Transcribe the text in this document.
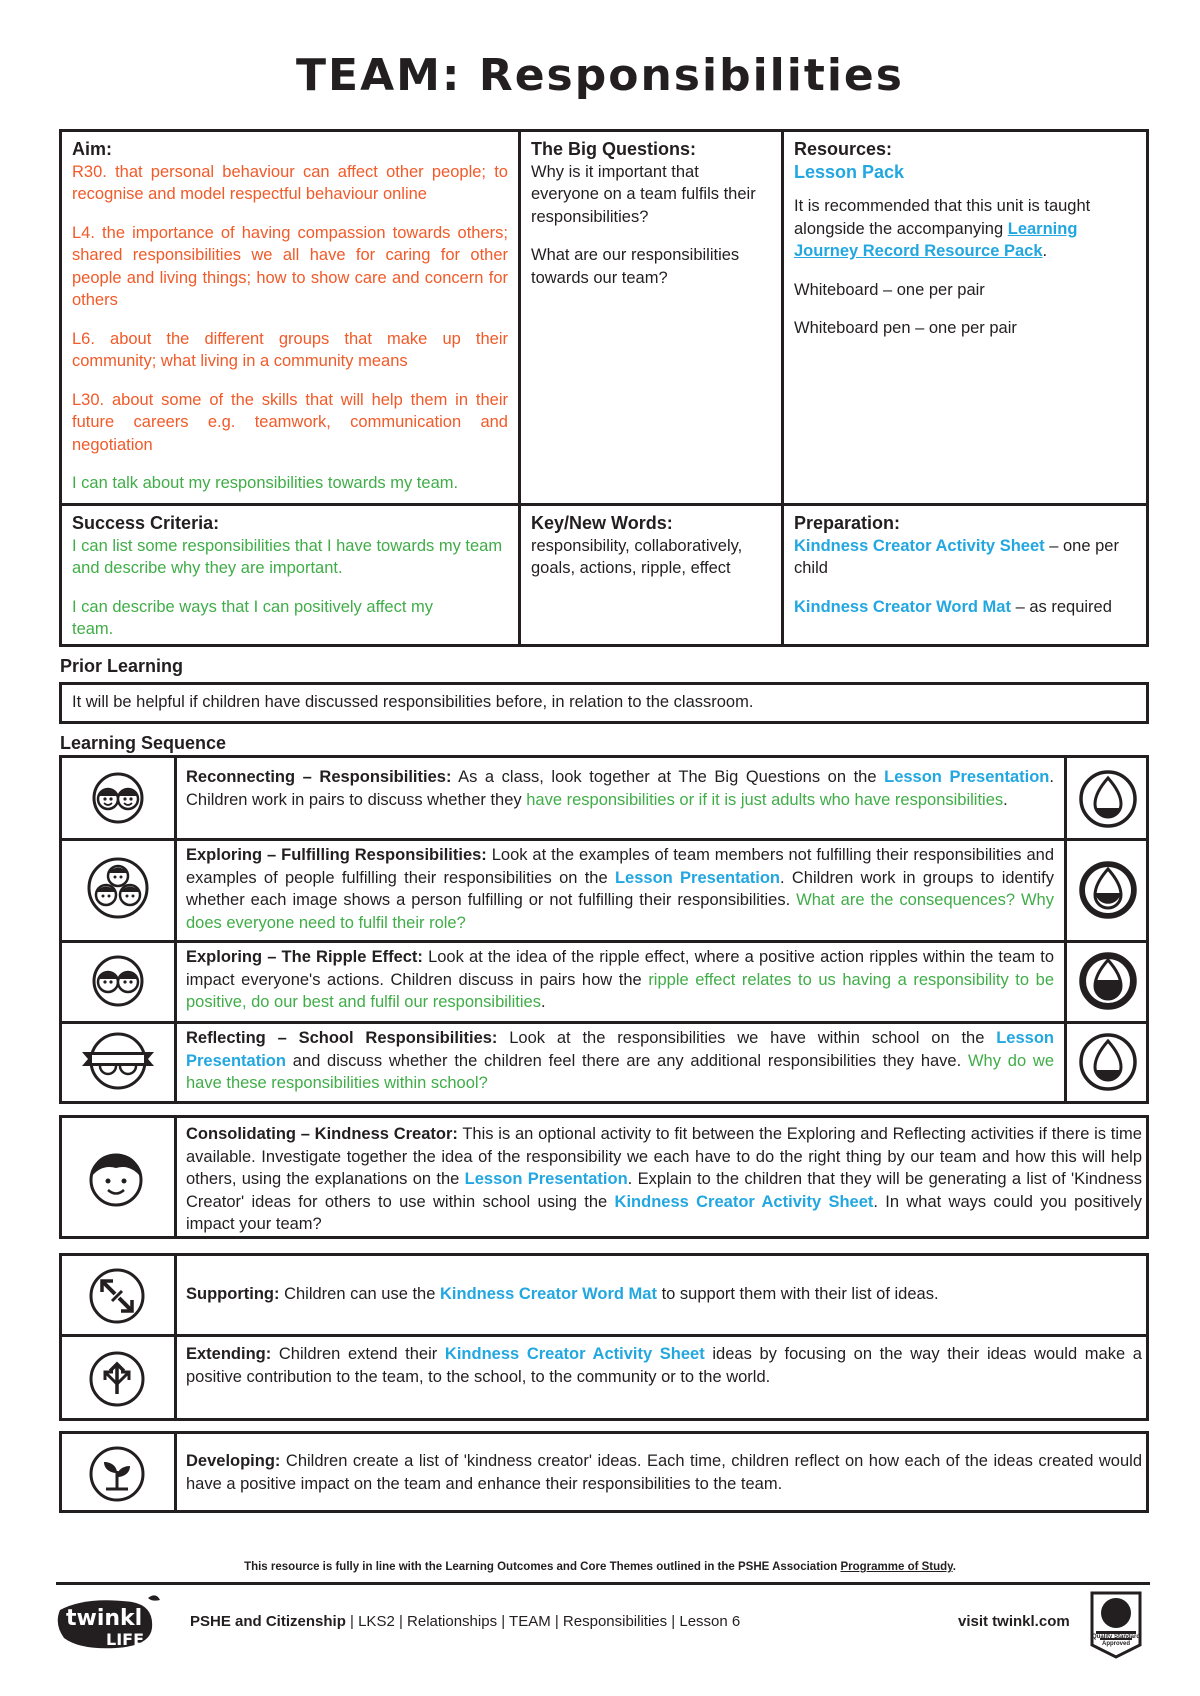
TEAM: Responsibilities
Aim:

R30. that personal behaviour can affect other people; to recognise and model respectful behaviour online

L4. the importance of having compassion towards others; shared responsibilities we all have for caring for other people and living things; how to show care and concern for others

L6. about the different groups that make up their community; what living in a community means

L30. about some of the skills that will help them in their future careers e.g. teamwork, communication and negotiation

I can talk about my responsibilities towards my team.

The Big Questions:

Why is it important that everyone on a team fulfils their responsibilities?

What are our responsibilities towards our team?

Resources:

Lesson Pack

It is recommended that this unit is taught alongside the accompanying Learning Journey Record Resource Pack.

Whiteboard – one per pair

Whiteboard pen – one per pair

Success Criteria:

I can list some responsibilities that I have towards my team and describe why they are important.

I can describe ways that I can positively affect my team.

Key/New Words:

responsibility, collaboratively, goals, actions, ripple, effect

Preparation:

Kindness Creator Activity Sheet – one per child

Kindness Creator Word Mat – as required

Prior Learning
It will be helpful if children have discussed responsibilities before, in relation to the classroom.
Learning Sequence
Reconnecting – Responsibilities: As a class, look together at The Big Questions on the Lesson Presentation. Children work in pairs to discuss whether they have responsibilities or if it is just adults who have responsibilities.
Exploring – Fulfilling Responsibilities: Look at the examples of team members not fulfilling their responsibilities and examples of people fulfilling their responsibilities on the Lesson Presentation. Children work in groups to identify whether each image shows a person fulfilling or not fulfilling their responsibilities. What are the consequences? Why does everyone need to fulfil their role?
Exploring – The Ripple Effect: Look at the idea of the ripple effect, where a positive action ripples within the team to impact everyone's actions. Children discuss in pairs how the ripple effect relates to us having a responsibility to be positive, do our best and fulfil our responsibilities.
Reflecting – School Responsibilities: Look at the responsibilities we have within school on the Lesson Presentation and discuss whether the children feel there are any additional responsibilities they have. Why do we have these responsibilities within school?
Consolidating – Kindness Creator: This is an optional activity to fit between the Exploring and Reflecting activities if there is time available. Investigate together the idea of the responsibility we each have to do the right thing by our team and how this will help others, using the explanations on the Lesson Presentation. Explain to the children that they will be generating a list of 'Kindness Creator' ideas for others to use within school using the Kindness Creator Activity Sheet. In what ways could you positively impact your team?
Supporting: Children can use the Kindness Creator Word Mat to support them with their list of ideas.
Extending: Children extend their Kindness Creator Activity Sheet ideas by focusing on the way their ideas would make a positive contribution to the team, to the school, to the community or to the world.
Developing: Children create a list of 'kindness creator' ideas. Each time, children reflect on how each of the ideas created would have a positive impact on the team and enhance their responsibilities to the team.
This resource is fully in line with the Learning Outcomes and Core Themes outlined in the PSHE Association Programme of Study.
twinkl
LIFE
PSHE and Citizenship | LKS2 | Relationships | TEAM | Responsibilities | Lesson 6	visit twinkl.com
Quality Standard Approved
